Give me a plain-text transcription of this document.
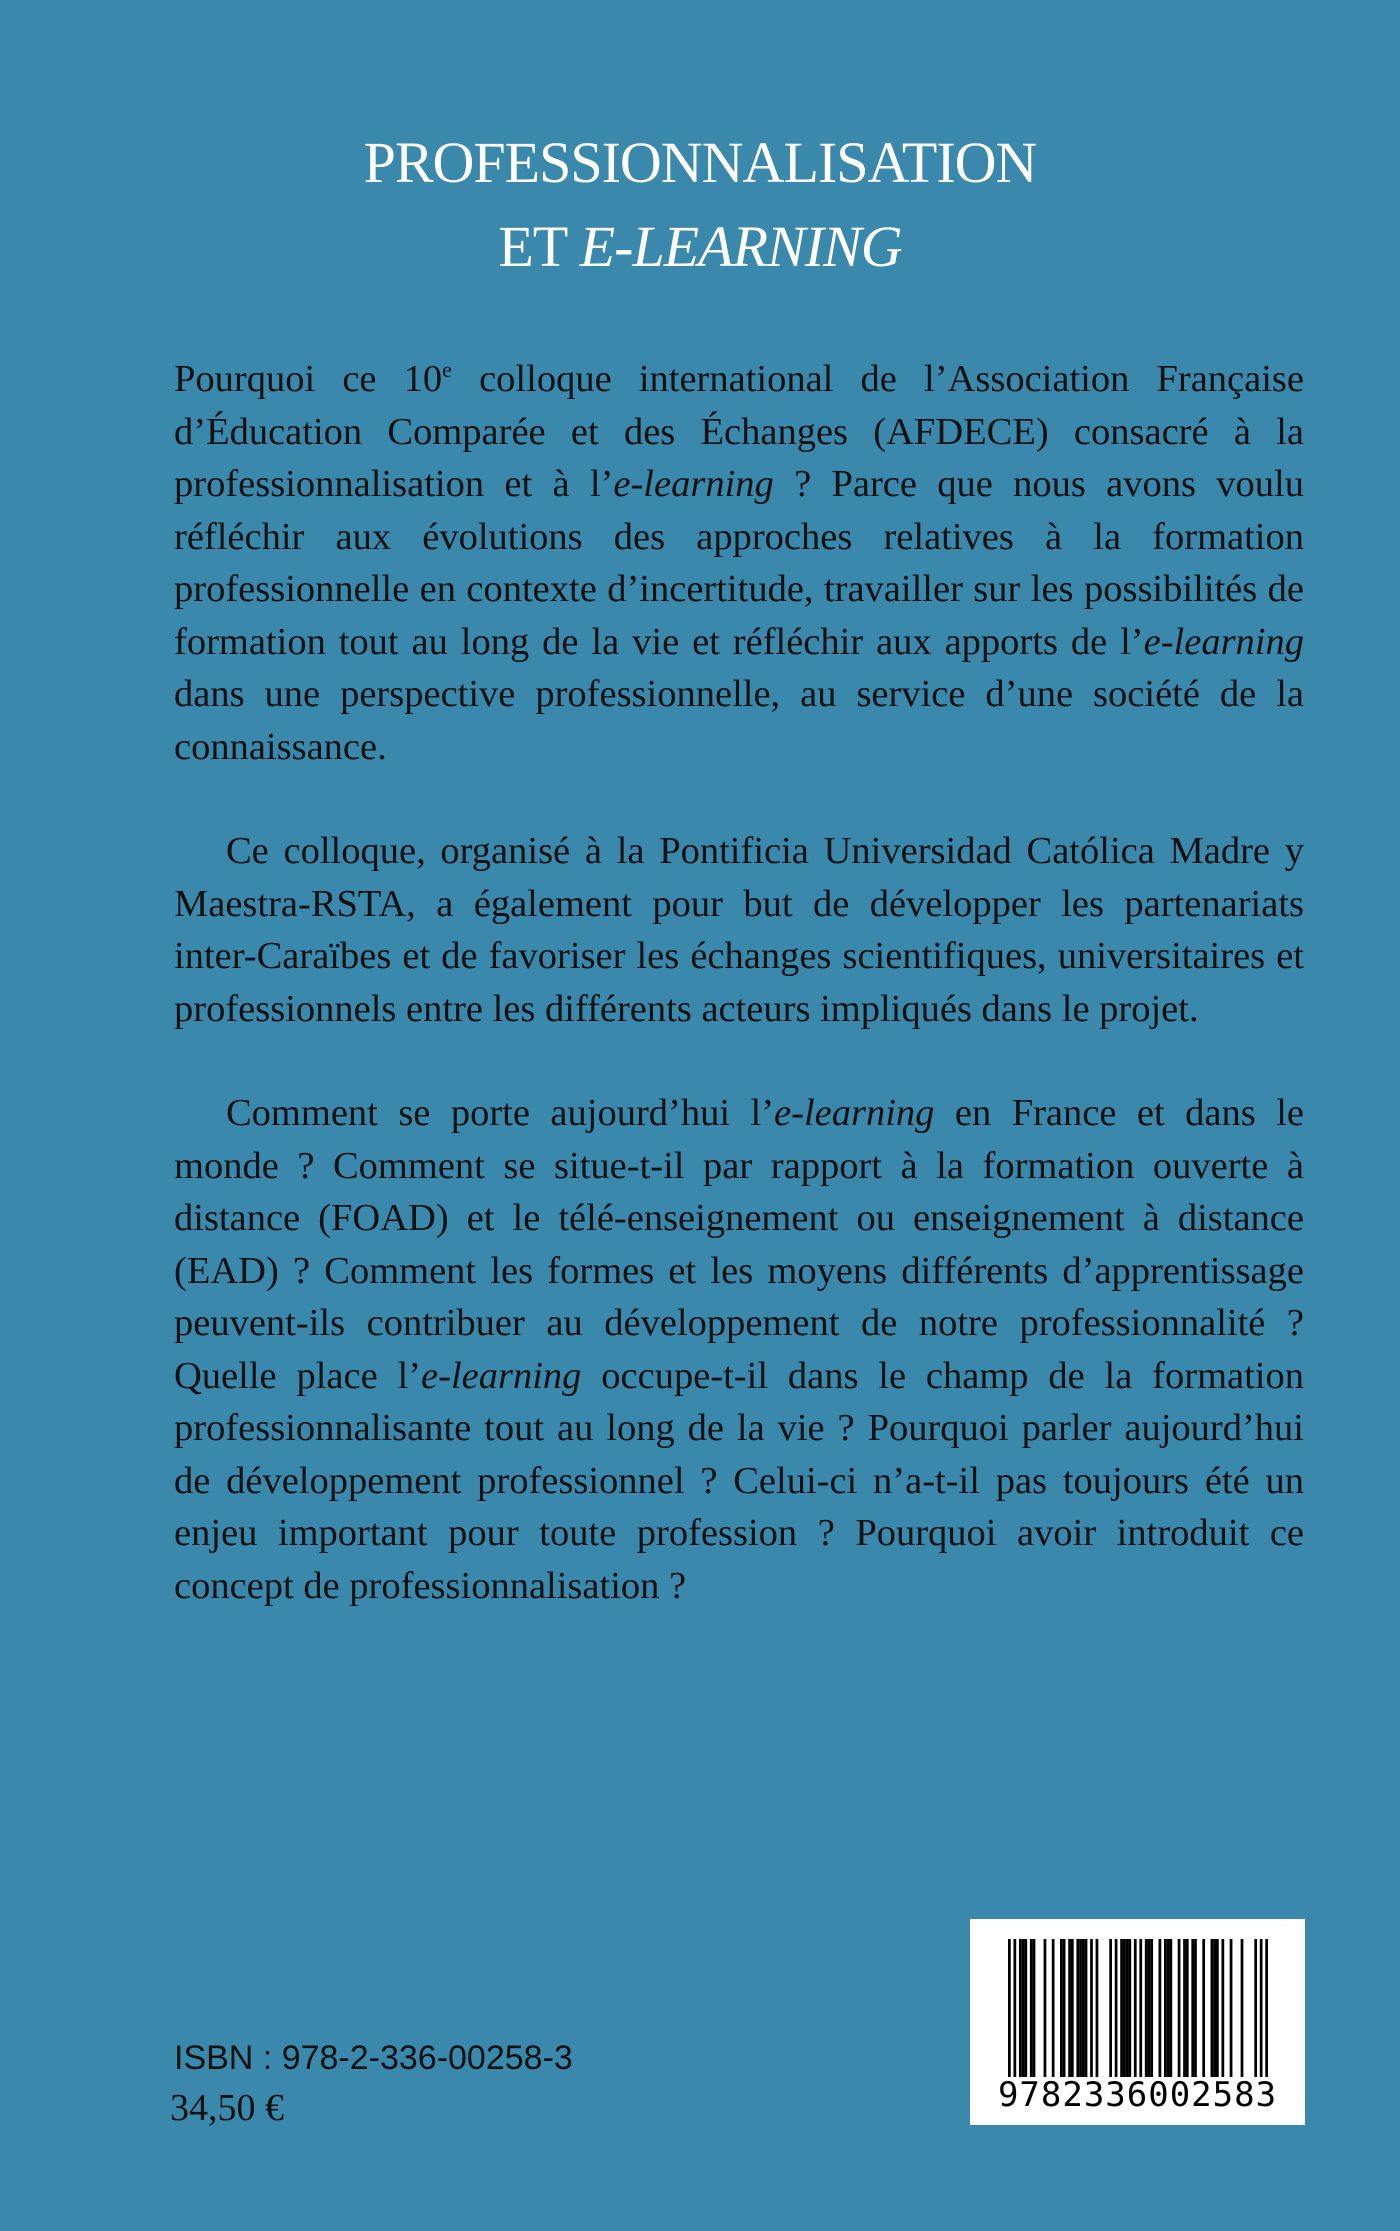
PROFESSIONNALISATION
ET E-LEARNING

Pourquoi ce 10e colloque international de l’Association Française d’Éducation Comparée et des Échanges (AFDECE) consacré à la professionnalisation et à l’e-learning ? Parce que nous avons voulu réfléchir aux évolutions des approches relatives à la formation professionnelle en contexte d’incertitude, travailler sur les possibilités de formation tout au long de la vie et réfléchir aux apports de l’e-learning dans une perspective professionnelle, au service d’une société de la connaissance.

Ce colloque, organisé à la Pontificia Universidad Católica Madre y Maestra-RSTA, a également pour but de développer les partenariats inter-Caraïbes et de favoriser les échanges scientifiques, universitaires et professionnels entre les différents acteurs impliqués dans le projet.

Comment se porte aujourd’hui l’e-learning en France et dans le monde ? Comment se situe-t-il par rapport à la formation ouverte à distance (FOAD) et le télé-enseignement ou enseignement à distance (EAD) ? Comment les formes et les moyens différents d’apprentissage peuvent-ils contribuer au développement de notre professionnalité ? Quelle place l’e-learning occupe-t-il dans le champ de la formation professionnalisante tout au long de la vie ? Pourquoi parler aujourd’hui de développement professionnel ? Celui-ci n’a-t-il pas toujours été un enjeu important pour toute profession ? Pourquoi avoir introduit ce concept de professionnalisation ?

ISBN : 978-2-336-00258-3
34,50 €	9782336002583
